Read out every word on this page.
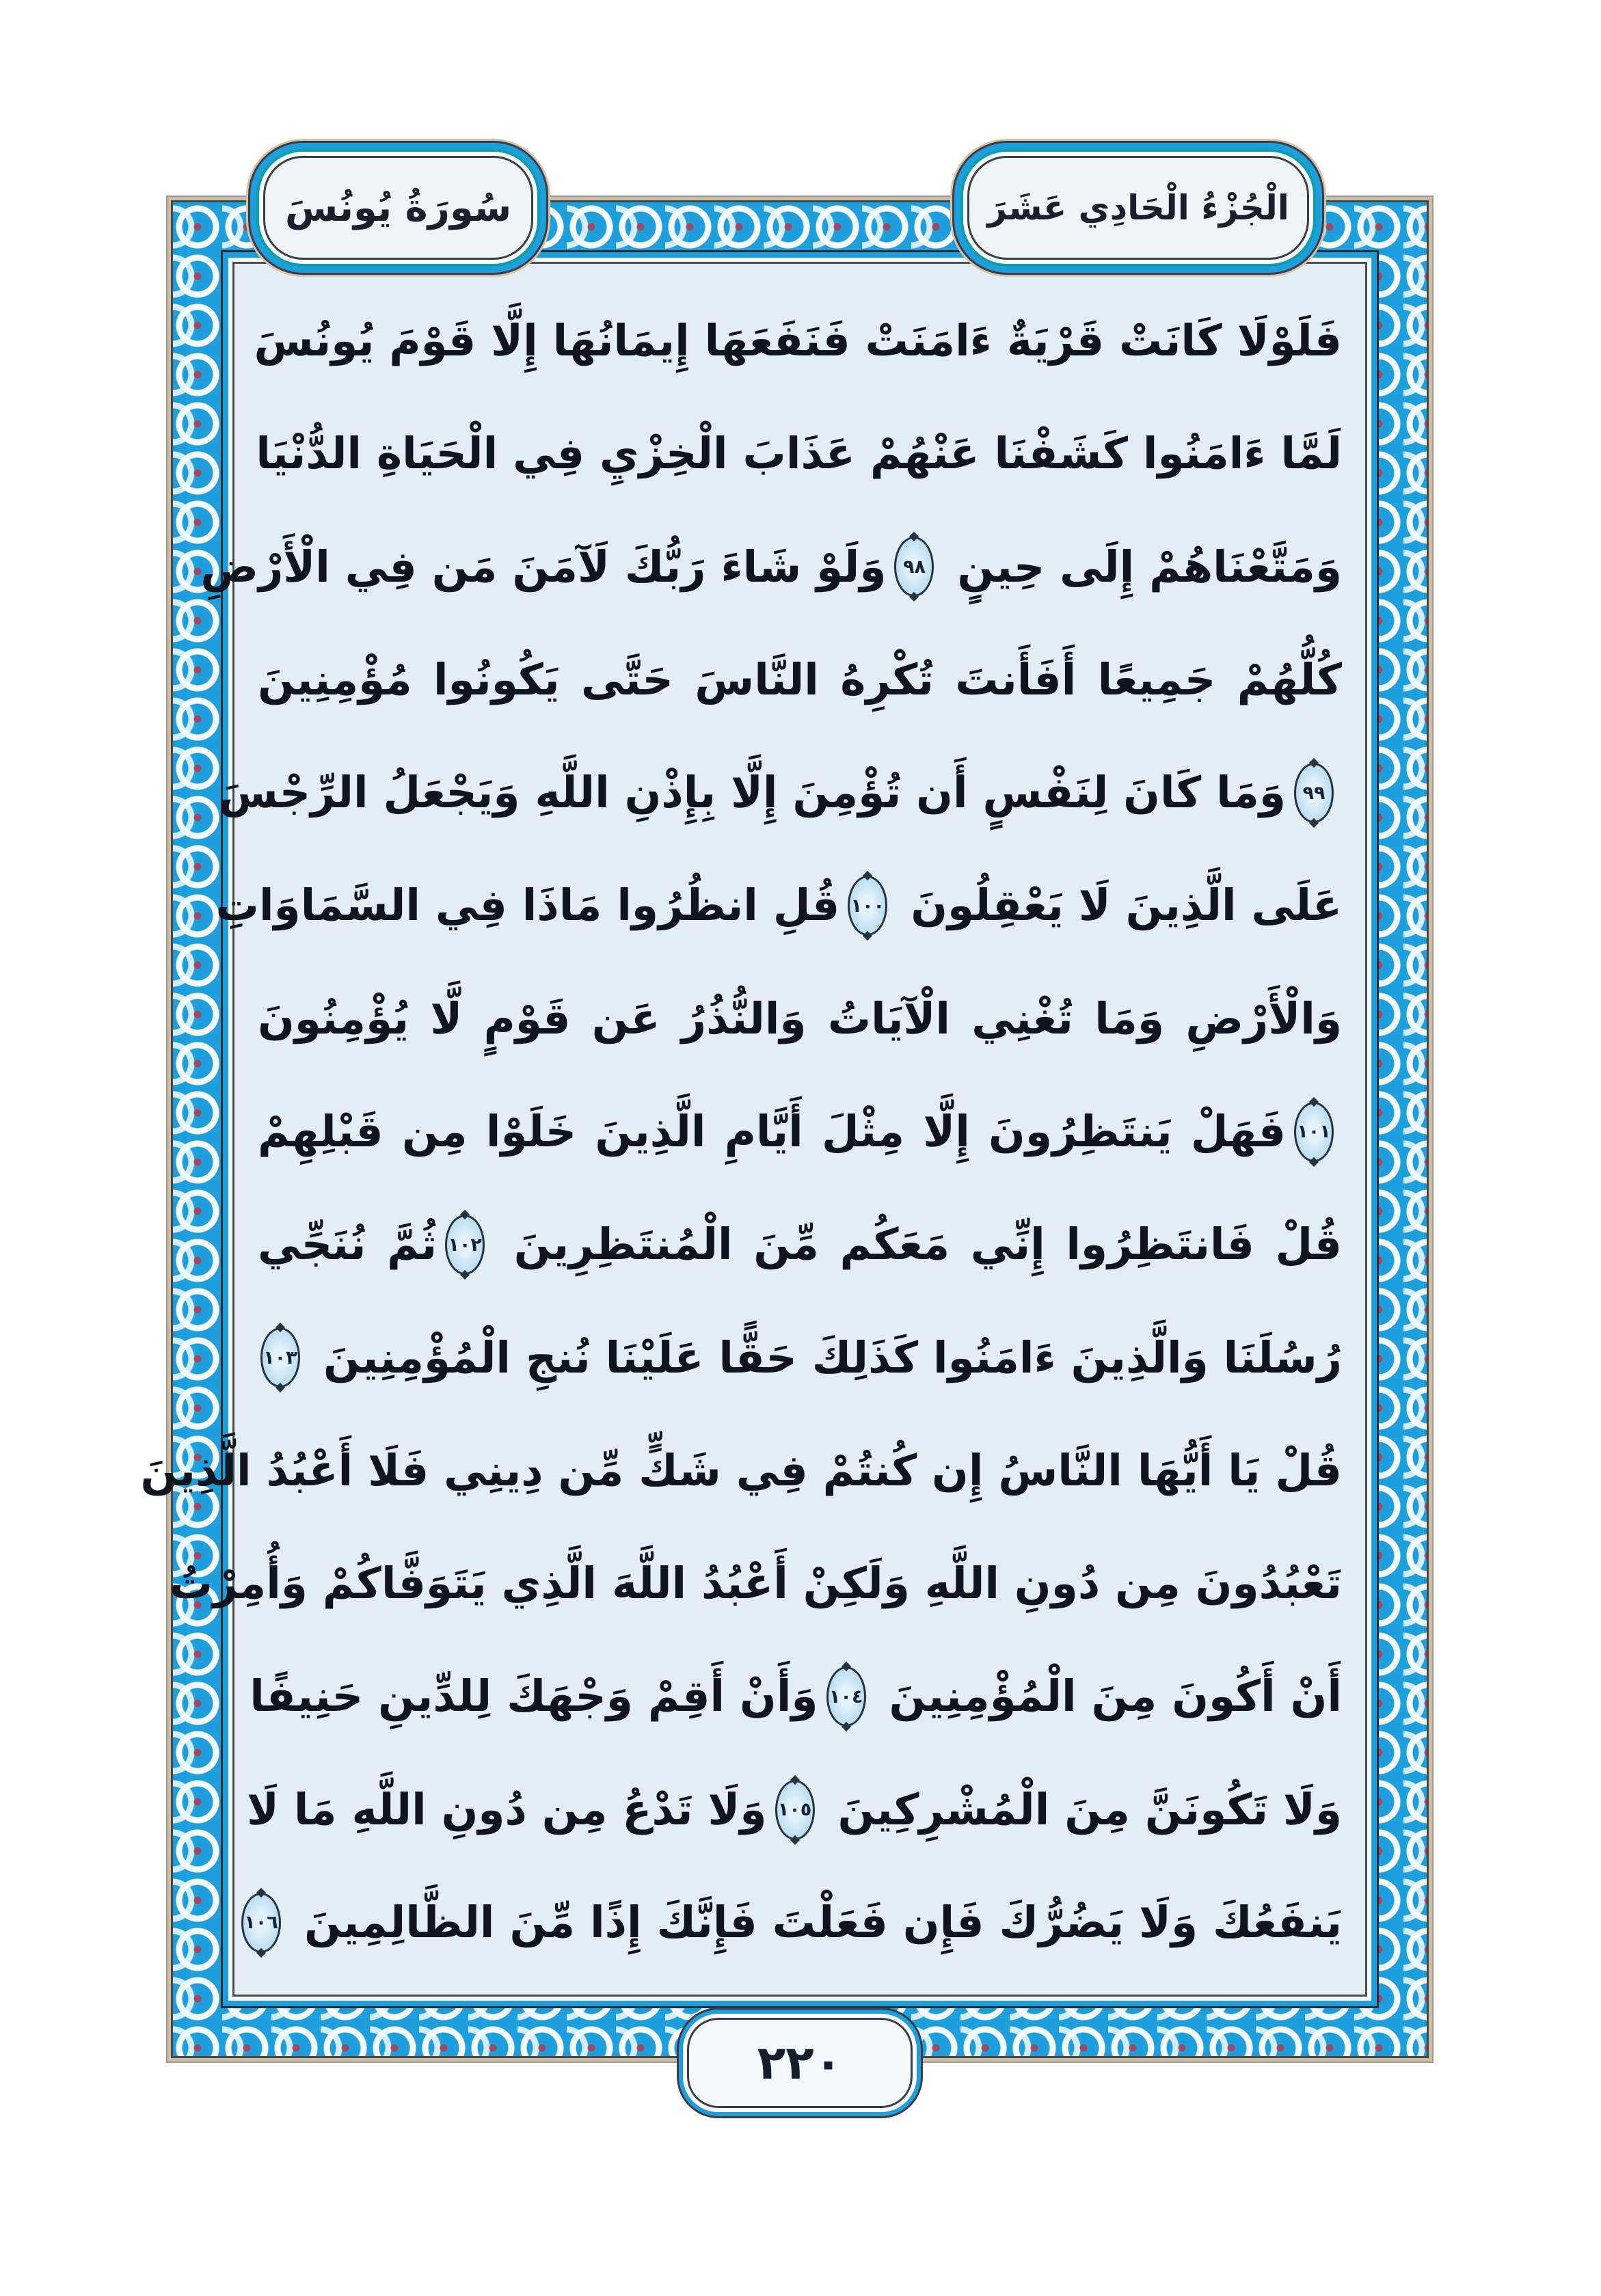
سُورَةُ يُونُسَ	الْجُزْءُ الْحَادِي عَشَرَ
فَلَوْلَا كَانَتْ قَرْيَةٌ ءَامَنَتْ فَنَفَعَهَا إِيمَانُهَا إِلَّا قَوْمَ يُونُسَ
لَمَّا ءَامَنُوا كَشَفْنَا عَنْهُمْ عَذَابَ الْخِزْيِ فِي الْحَيَاةِ الدُّنْيَا
وَمَتَّعْنَاهُمْ إِلَى حِينٍ
٩٨
وَلَوْ شَاءَ رَبُّكَ لَآمَنَ مَن فِي الْأَرْضِ
كُلُّهُمْ جَمِيعًا أَفَأَنتَ تُكْرِهُ النَّاسَ حَتَّى يَكُونُوا مُؤْمِنِينَ
٩٩
وَمَا كَانَ لِنَفْسٍ أَن تُؤْمِنَ إِلَّا بِإِذْنِ اللَّهِ وَيَجْعَلُ الرِّجْسَ
عَلَى الَّذِينَ لَا يَعْقِلُونَ
١٠٠
قُلِ انظُرُوا مَاذَا فِي السَّمَاوَاتِ
وَالْأَرْضِ وَمَا تُغْنِي الْآيَاتُ وَالنُّذُرُ عَن قَوْمٍ لَّا يُؤْمِنُونَ
١٠١
فَهَلْ يَنتَظِرُونَ إِلَّا مِثْلَ أَيَّامِ الَّذِينَ خَلَوْا مِن قَبْلِهِمْ
قُلْ فَانتَظِرُوا إِنِّي مَعَكُم مِّنَ الْمُنتَظِرِينَ
١٠٢
ثُمَّ نُنَجِّي
رُسُلَنَا وَالَّذِينَ ءَامَنُوا كَذَلِكَ حَقًّا عَلَيْنَا نُنجِ الْمُؤْمِنِينَ
١٠٣
قُلْ يَا أَيُّهَا النَّاسُ إِن كُنتُمْ فِي شَكٍّ مِّن دِينِي فَلَا أَعْبُدُ الَّذِينَ
تَعْبُدُونَ مِن دُونِ اللَّهِ وَلَكِنْ أَعْبُدُ اللَّهَ الَّذِي يَتَوَفَّاكُمْ وَأُمِرْتُ
أَنْ أَكُونَ مِنَ الْمُؤْمِنِينَ
١٠٤
وَأَنْ أَقِمْ وَجْهَكَ لِلدِّينِ حَنِيفًا
وَلَا تَكُونَنَّ مِنَ الْمُشْرِكِينَ
١٠٥
وَلَا تَدْعُ مِن دُونِ اللَّهِ مَا لَا
يَنفَعُكَ وَلَا يَضُرُّكَ فَإِن فَعَلْتَ فَإِنَّكَ إِذًا مِّنَ الظَّالِمِينَ
١٠٦
٢٢٠
